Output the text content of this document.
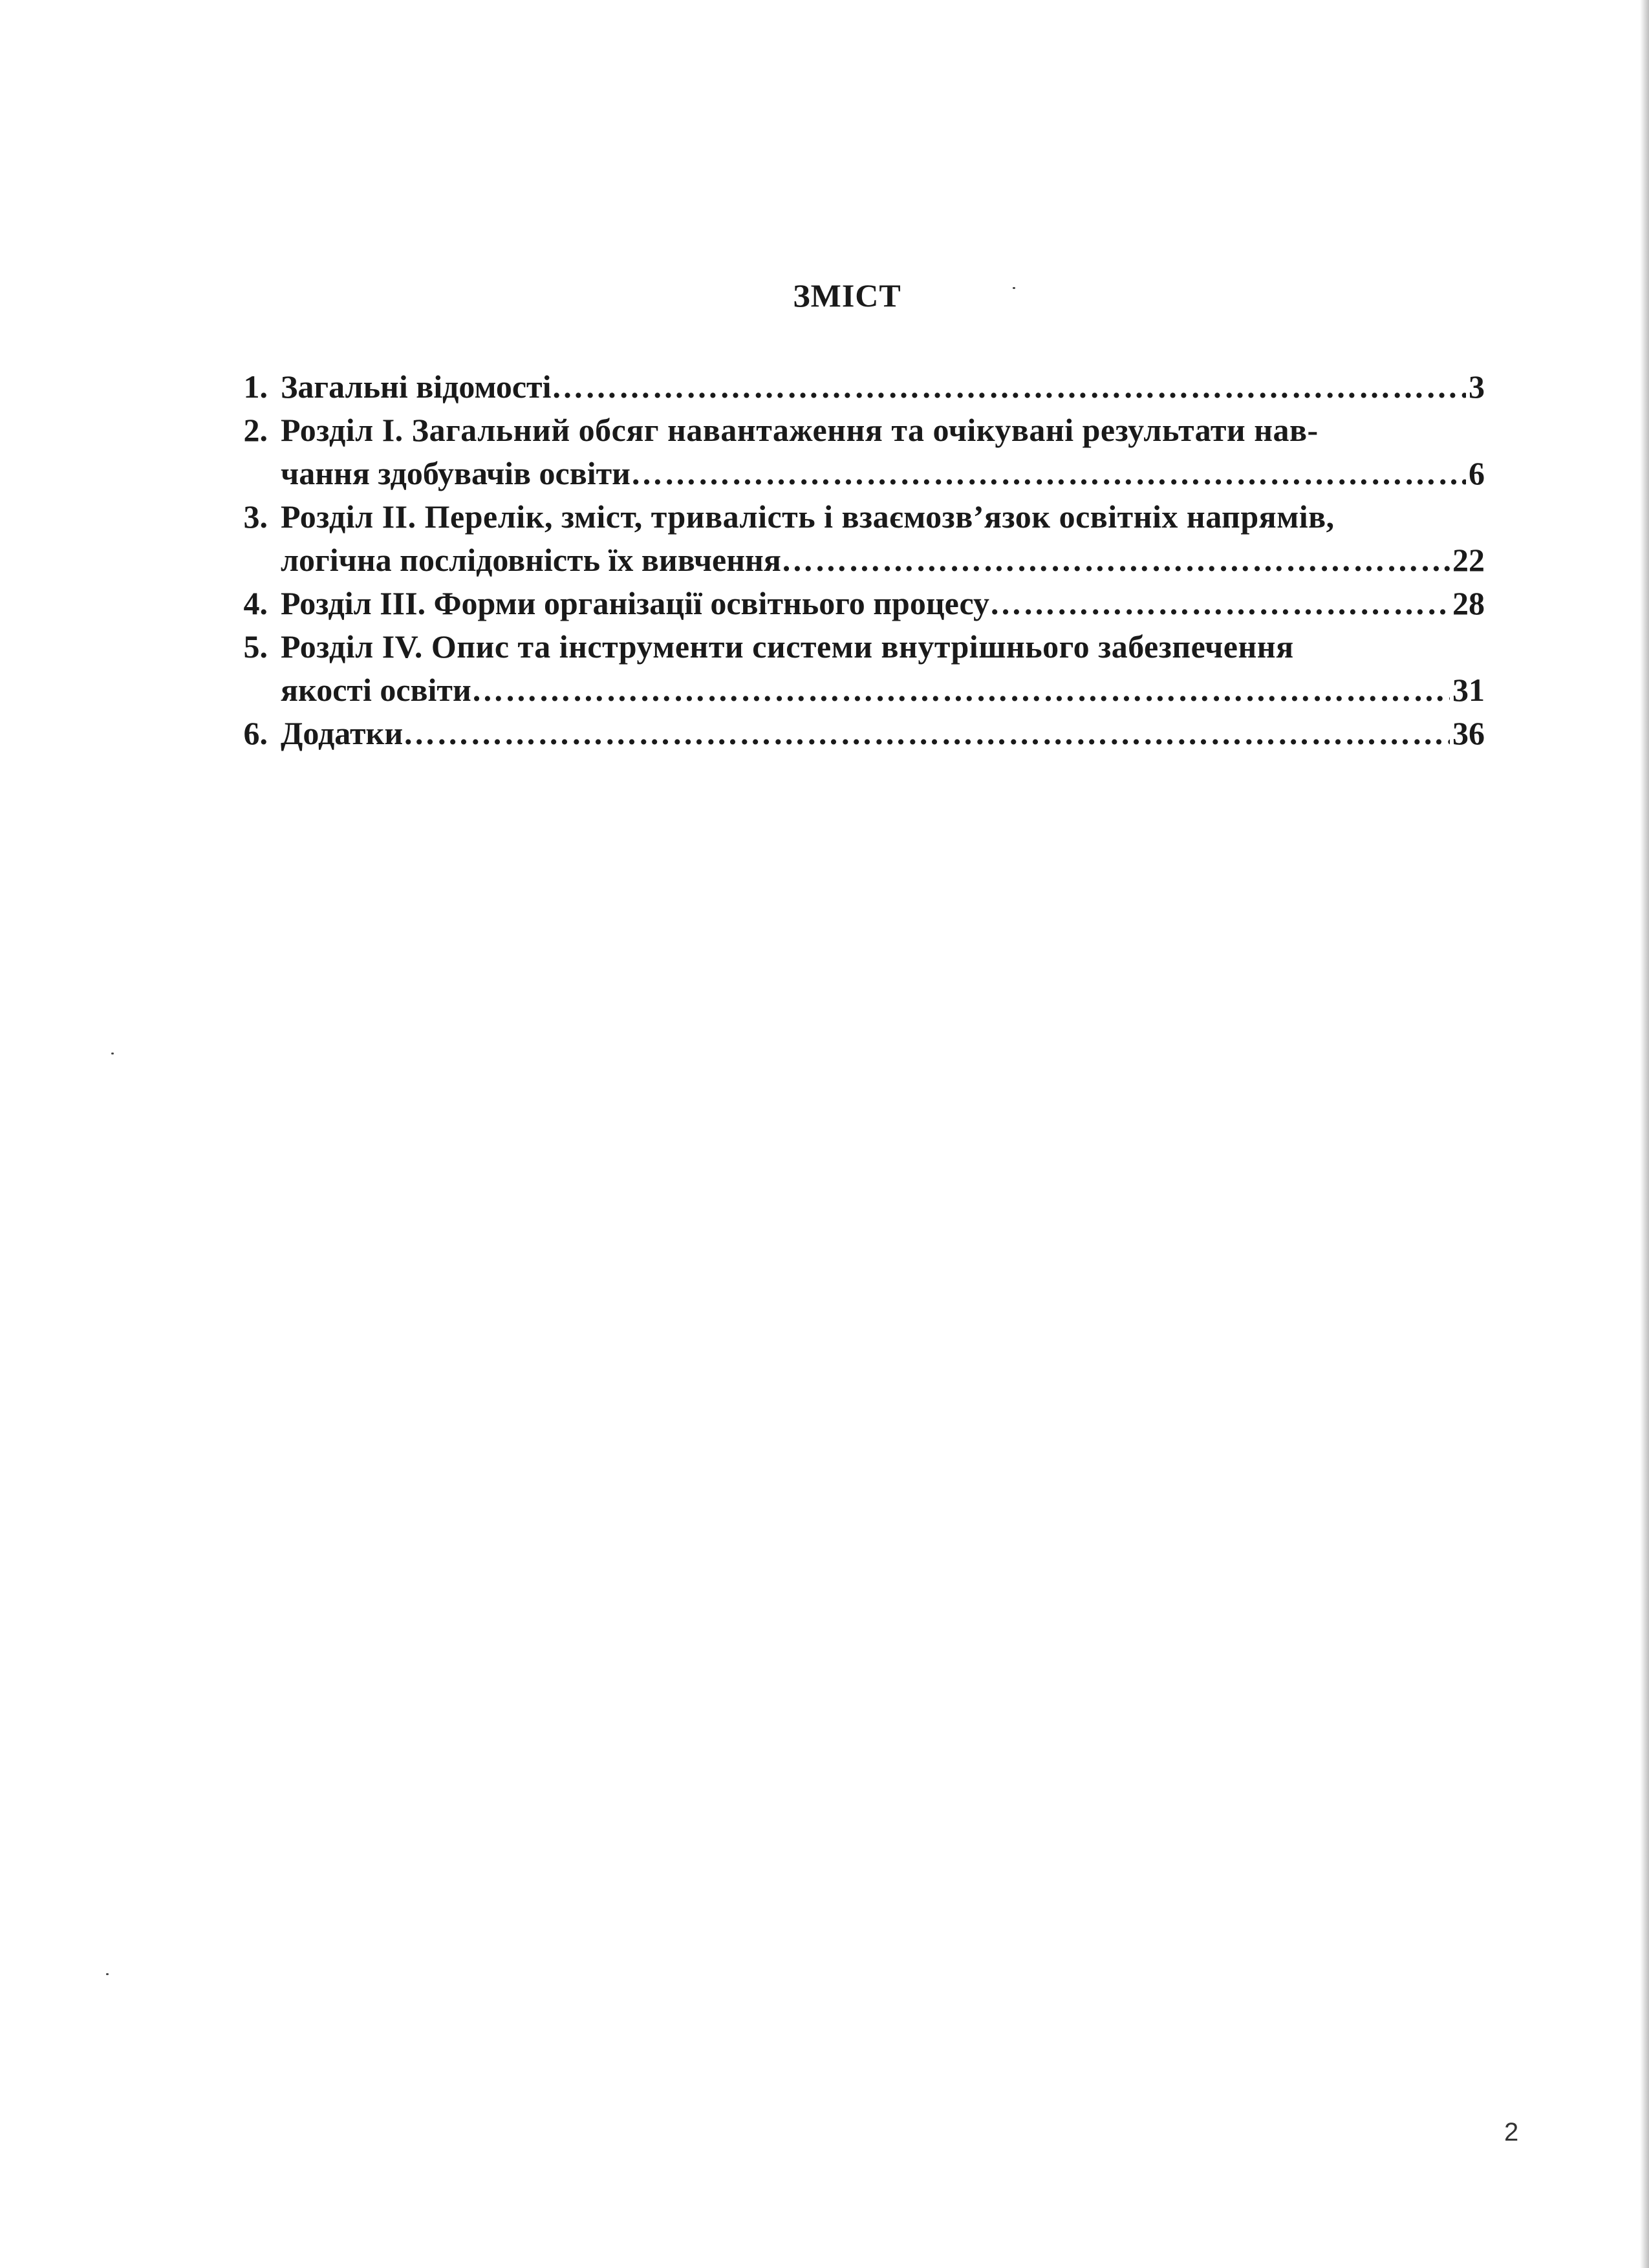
ЗМІСТ
1. Загальні відомості ……………………………………………………………………………………………………………………………………………………	3
2. Розділ І. Загальний обсяг навантаження та очікувані результати нав-
чання здобувачів освіти ……………………………………………………………………………………………………………………………………………………	6
3. Розділ ІІ. Перелік, зміст, тривалість і взаємозв’язок освітніх напрямів,
логічна послідовність їх вивчення ……………………………………………………………………………………………………………………………………………………	22
4. Розділ ІІІ. Форми організації освітнього процесу ……………………………………………………………………………………………………………………………………………………	28
5. Розділ IV. Опис та інструменти системи внутрішнього забезпечення
якості освіти ……………………………………………………………………………………………………………………………………………………	31
6. Додатки ……………………………………………………………………………………………………………………………………………………	36
2
